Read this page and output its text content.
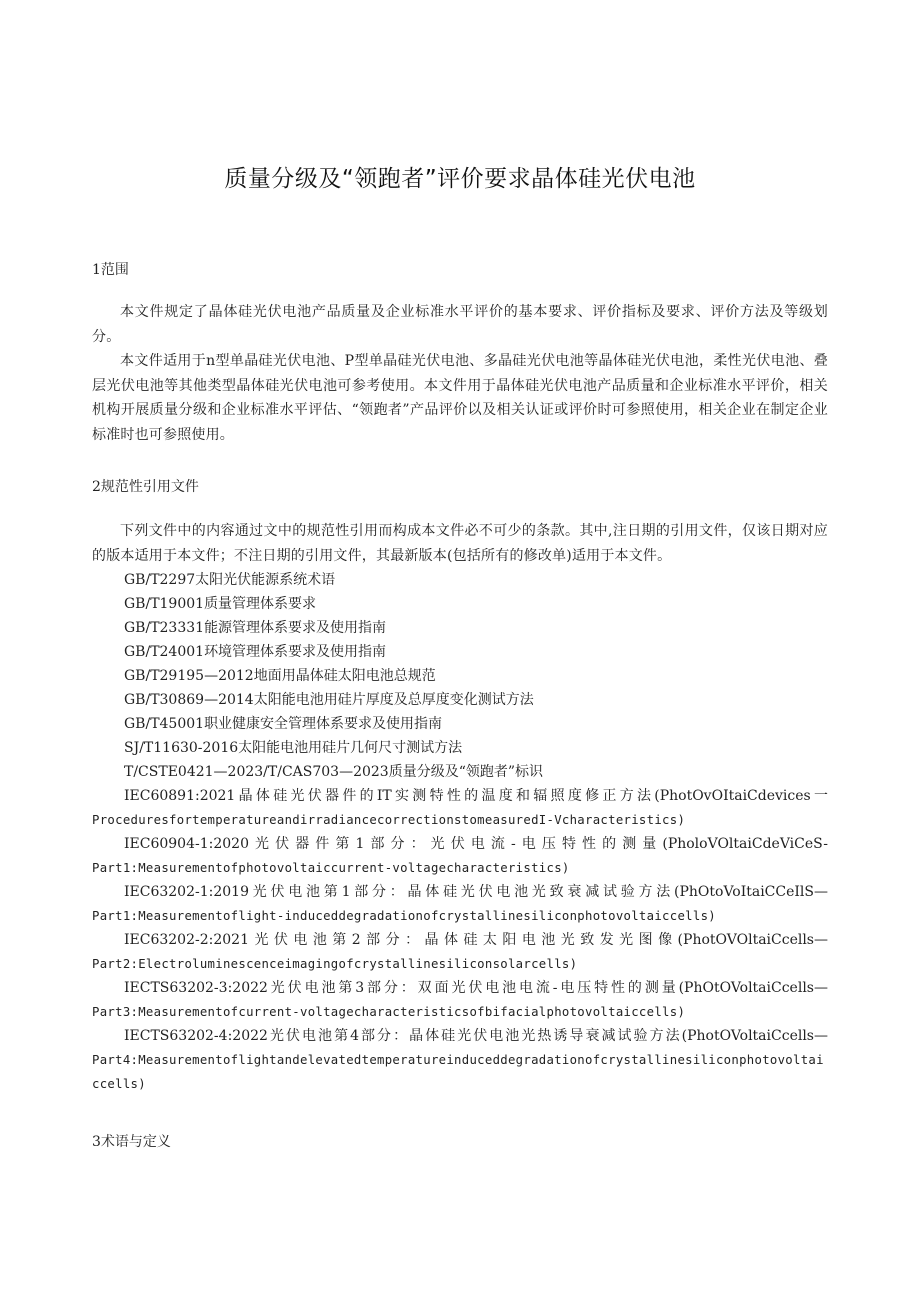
质量分级及“领跑者”评价要求晶体硅光伏电池
1范围
本文件规定了晶体硅光伏电池产品质量及企业标准水平评价的基本要求、评价指标及要求、评价方法及等级划分。
本文件适用于n型单晶硅光伏电池、P型单晶硅光伏电池、多晶硅光伏电池等晶体硅光伏电池，柔性光伏电池、叠层光伏电池等其他类型晶体硅光伏电池可参考使用。本文件用于晶体硅光伏电池产品质量和企业标准水平评价，相关机构开展质量分级和企业标准水平评估、“领跑者”产品评价以及相关认证或评价时可参照使用，相关企业在制定企业标准时也可参照使用。
2规范性引用文件
下列文件中的内容通过文中的规范性引用而构成本文件必不可少的条款。其中,注日期的引用文件，仅该日期对应的版本适用于本文件；不注日期的引用文件，其最新版本(包括所有的修改单)适用于本文件。
GB/T2297太阳光伏能源系统术语
GB/T19001质量管理体系要求
GB/T23331能源管理体系要求及使用指南
GB/T24001环境管理体系要求及使用指南
GB/T29195—2012地面用晶体硅太阳电池总规范
GB/T30869—2014太阳能电池用硅片厚度及总厚度变化测试方法
GB/T45001职业健康安全管理体系要求及使用指南
SJ/T11630-2016太阳能电池用硅片几何尺寸测试方法
T/CSTE0421—2023/T/CAS703—2023质量分级及“领跑者”标识
IEC60891:2021晶体硅光伏器件的IT实测特性的温度和辐照度修正方法(PhotOvOItaiCdevices一
ProceduresfortemperatureandirradiancecorrectionstomeasuredI-Vcharacteristics)
IEC60904-1:2020光伏器件第1部分：光伏电流-电压特性的测量(PholoVOltaiCdeViCeS-
Part1:Measurementofphotovoltaiccurrent-voltagecharacteristics)
IEC63202-1:2019光伏电池第1部分：晶体硅光伏电池光致衰减试验方法(PhOtoVoItaiCCeIlS—
Part1:Measurementoflight-induceddegradationofcrystallinesiliconphotovoltaiccells)
IEC63202-2:2021光伏电池第2部分：晶体硅太阳电池光致发光图像(PhotOVOltaiCcells—
Part2:Electroluminescenceimagingofcrystallinesiliconsolarcells)
IECTS63202-3:2022光伏电池第3部分：双面光伏电池电流-电压特性的测量(PhOtOVoltaiCcells—
Part3:Measurementofcurrent-voltagecharacteristicsofbifacialphotovoltaiccells)
IECTS63202-4:2022光伏电池第4部分：晶体硅光伏电池光热诱导衰减试验方法(PhotOVoltaiCcells—
Part4:Measurementoflightandelevatedtemperatureinduceddegradationofcrystallinesiliconphotovoltai
ccells)
3术语与定义
